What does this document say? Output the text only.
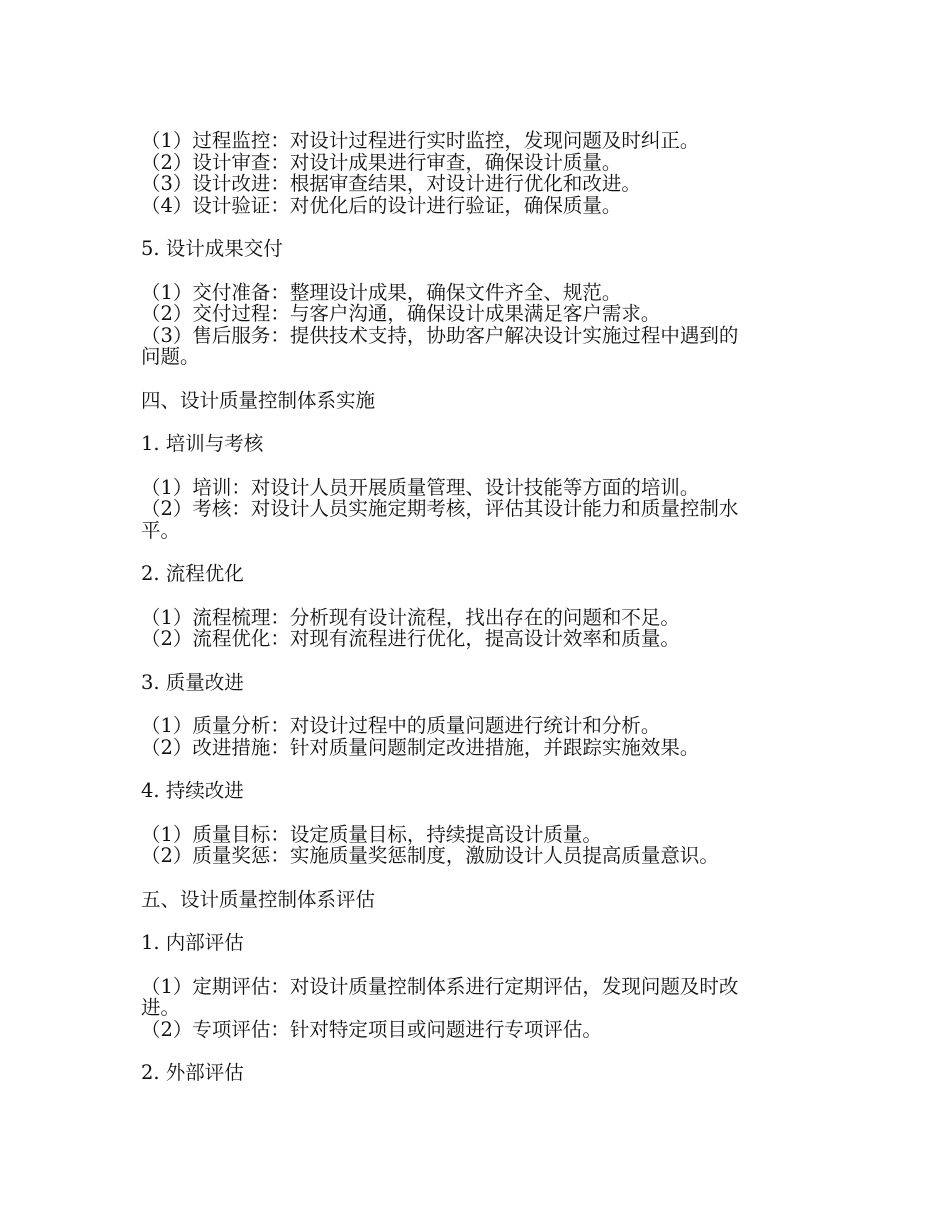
（1）过程监控：对设计过程进行实时监控，发现问题及时纠正。
（2）设计审查：对设计成果进行审查，确保设计质量。
（3）设计改进：根据审查结果，对设计进行优化和改进。
（4）设计验证：对优化后的设计进行验证，确保质量。
5. 设计成果交付
（1）交付准备：整理设计成果，确保文件齐全、规范。
（2）交付过程：与客户沟通，确保设计成果满足客户需求。
（3）售后服务：提供技术支持，协助客户解决设计实施过程中遇到的
问题。
四、设计质量控制体系实施
1. 培训与考核
（1）培训：对设计人员开展质量管理、设计技能等方面的培训。
（2）考核：对设计人员实施定期考核，评估其设计能力和质量控制水
平。
2. 流程优化
（1）流程梳理：分析现有设计流程，找出存在的问题和不足。
（2）流程优化：对现有流程进行优化，提高设计效率和质量。
3. 质量改进
（1）质量分析：对设计过程中的质量问题进行统计和分析。
（2）改进措施：针对质量问题制定改进措施，并跟踪实施效果。
4. 持续改进
（1）质量目标：设定质量目标，持续提高设计质量。
（2）质量奖惩：实施质量奖惩制度，激励设计人员提高质量意识。
五、设计质量控制体系评估
1. 内部评估
（1）定期评估：对设计质量控制体系进行定期评估，发现问题及时改
进。
（2）专项评估：针对特定项目或问题进行专项评估。
2. 外部评估
